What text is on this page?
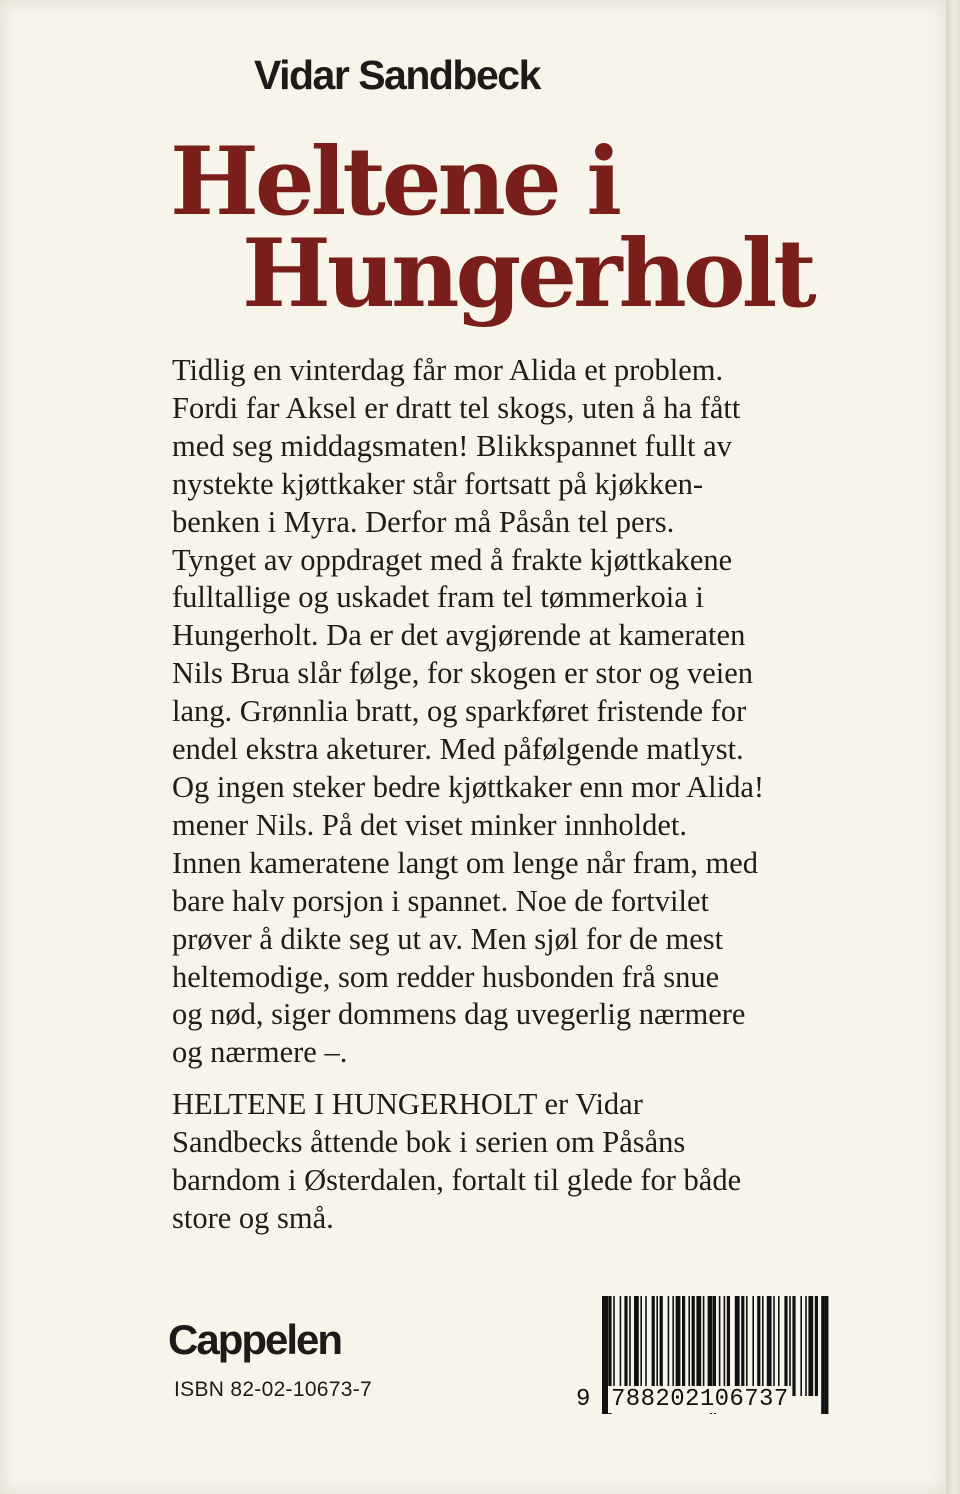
Vidar Sandbeck
Heltene i
Hungerholt
Tidlig en vinterdag får mor Alida et problem.
Fordi far Aksel er dratt tel skogs, uten å ha fått
med seg middagsmaten! Blikkspannet fullt av
nystekte kjøttkaker står fortsatt på kjøkken-
benken i Myra. Derfor må Påsån tel pers.
Tynget av oppdraget med å frakte kjøttkakene
fulltallige og uskadet fram tel tømmerkoia i
Hungerholt. Da er det avgjørende at kameraten
Nils Brua slår følge, for skogen er stor og veien
lang. Grønnlia bratt, og sparkføret fristende for
endel ekstra aketurer. Med påfølgende matlyst.
Og ingen steker bedre kjøttkaker enn mor Alida!
mener Nils. På det viset minker innholdet.
Innen kameratene langt om lenge når fram, med
bare halv porsjon i spannet. Noe de fortvilet
prøver å dikte seg ut av. Men sjøl for de mest
heltemodige, som redder husbonden frå snue
og nød, siger dommens dag uvegerlig nærmere
og nærmere –.
HELTENE I HUNGERHOLT er Vidar
Sandbecks åttende bok i serien om Påsåns
barndom i Østerdalen, fortalt til glede for både
store og små.
Cappelen
ISBN 82-02-10673-7	9 788202106737
